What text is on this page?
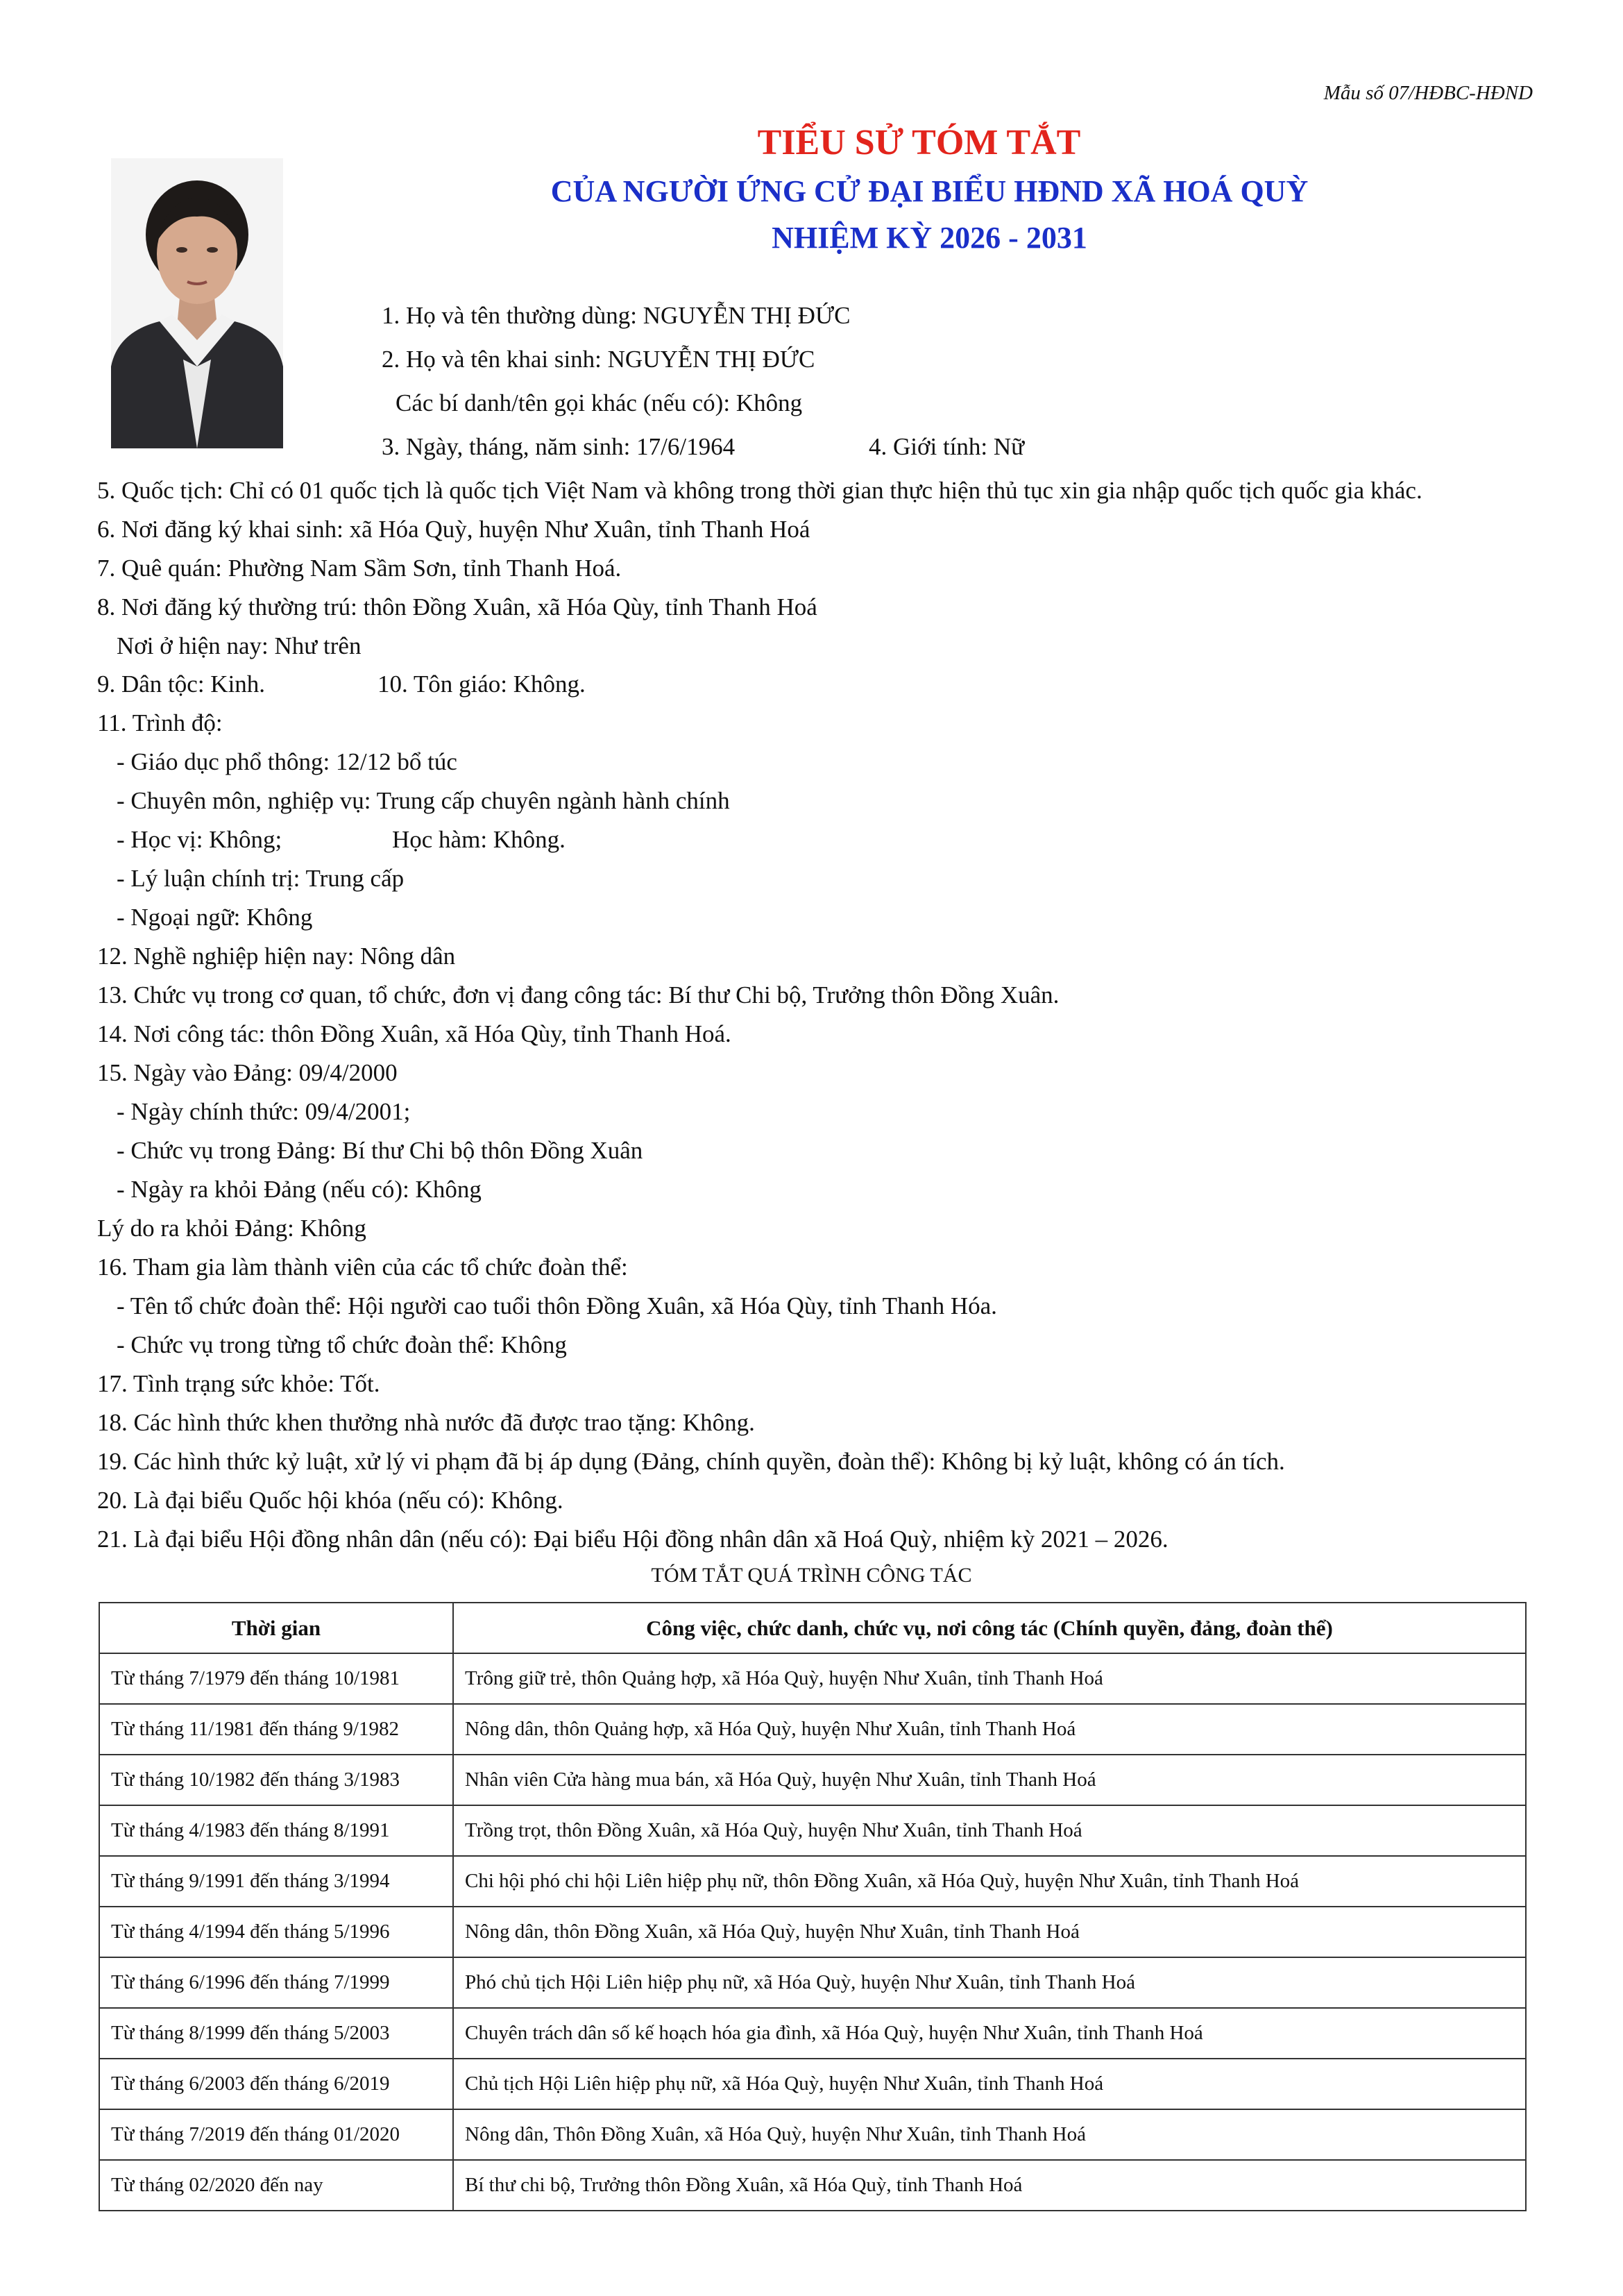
Mẫu số 07/HĐBC-HĐND
TIỂU SỬ TÓM TẮT
CỦA NGƯỜI ỨNG CỬ ĐẠI BIỂU HĐND XÃ HOÁ QUỲ
NHIỆM KỲ 2026 - 2031
1. Họ và tên thường dùng: NGUYỄN THỊ ĐỨC
2. Họ và tên khai sinh: NGUYỄN THỊ ĐỨC
Các bí danh/tên gọi khác (nếu có): Không
3. Ngày, tháng, năm sinh: 17/6/1964	4. Giới tính: Nữ
5. Quốc tịch: Chỉ có 01 quốc tịch là quốc tịch Việt Nam và không trong thời gian thực hiện thủ tục xin gia nhập quốc tịch quốc gia khác.
6. Nơi đăng ký khai sinh: xã Hóa Quỳ, huyện Như Xuân, tỉnh Thanh Hoá
7. Quê quán: Phường Nam Sầm Sơn, tỉnh Thanh Hoá.
8. Nơi đăng ký thường trú: thôn Đồng Xuân, xã Hóa Qùy, tỉnh Thanh Hoá
Nơi ở hiện nay: Như trên
9. Dân tộc: Kinh.	10. Tôn giáo: Không.
11. Trình độ:
- Giáo dục phổ thông: 12/12 bổ túc
- Chuyên môn, nghiệp vụ: Trung cấp chuyên ngành hành chính
- Học vị: Không;	Học hàm: Không.
- Lý luận chính trị: Trung cấp
- Ngoại ngữ: Không
12. Nghề nghiệp hiện nay: Nông dân
13. Chức vụ trong cơ quan, tổ chức, đơn vị đang công tác: Bí thư Chi bộ, Trưởng thôn Đồng Xuân.
14. Nơi công tác: thôn Đồng Xuân, xã Hóa Qùy, tỉnh Thanh Hoá.
15. Ngày vào Đảng: 09/4/2000
- Ngày chính thức: 09/4/2001;
- Chức vụ trong Đảng: Bí thư Chi bộ thôn Đồng Xuân
- Ngày ra khỏi Đảng (nếu có): Không
Lý do ra khỏi Đảng: Không
16. Tham gia làm thành viên của các tổ chức đoàn thể:
- Tên tổ chức đoàn thể: Hội người cao tuổi thôn Đồng Xuân, xã Hóa Qùy, tỉnh Thanh Hóa.
- Chức vụ trong từng tổ chức đoàn thể: Không
17. Tình trạng sức khỏe: Tốt.
18. Các hình thức khen thưởng nhà nước đã được trao tặng: Không.
19. Các hình thức kỷ luật, xử lý vi phạm đã bị áp dụng (Đảng, chính quyền, đoàn thể): Không bị kỷ luật, không có án tích.
20. Là đại biểu Quốc hội khóa (nếu có): Không.
21. Là đại biểu Hội đồng nhân dân (nếu có): Đại biểu Hội đồng nhân dân xã Hoá Quỳ, nhiệm kỳ 2021 – 2026.
TÓM TẮT QUÁ TRÌNH CÔNG TÁC
Thời gian	Công việc, chức danh, chức vụ, nơi công tác (Chính quyền, đảng, đoàn thể)
Từ tháng 7/1979 đến tháng 10/1981	Trông giữ trẻ, thôn Quảng hợp, xã Hóa Quỳ, huyện Như Xuân, tỉnh Thanh Hoá
Từ tháng 11/1981 đến tháng 9/1982	Nông dân, thôn Quảng hợp, xã Hóa Quỳ, huyện Như Xuân, tỉnh Thanh Hoá
Từ tháng 10/1982 đến tháng 3/1983	Nhân viên Cửa hàng mua bán, xã Hóa Quỳ, huyện Như Xuân, tỉnh Thanh Hoá
Từ tháng 4/1983 đến tháng 8/1991	Trồng trọt, thôn Đồng Xuân, xã Hóa Quỳ, huyện Như Xuân, tỉnh Thanh Hoá
Từ tháng 9/1991 đến tháng 3/1994	Chi hội phó chi hội Liên hiệp phụ nữ, thôn Đồng Xuân, xã Hóa Quỳ, huyện Như Xuân, tỉnh Thanh Hoá
Từ tháng 4/1994 đến tháng 5/1996	Nông dân, thôn Đồng Xuân, xã Hóa Quỳ, huyện Như Xuân, tỉnh Thanh Hoá
Từ tháng 6/1996 đến tháng 7/1999	Phó chủ tịch Hội Liên hiệp phụ nữ, xã Hóa Quỳ, huyện Như Xuân, tỉnh Thanh Hoá
Từ tháng 8/1999 đến tháng 5/2003	Chuyên trách dân số kế hoạch hóa gia đình, xã Hóa Quỳ, huyện Như Xuân, tỉnh Thanh Hoá
Từ tháng 6/2003 đến tháng 6/2019	Chủ tịch Hội Liên hiệp phụ nữ, xã Hóa Quỳ, huyện Như Xuân, tỉnh Thanh Hoá
Từ tháng 7/2019 đến tháng 01/2020	Nông dân, Thôn Đồng Xuân, xã Hóa Quỳ, huyện Như Xuân, tỉnh Thanh Hoá
Từ tháng 02/2020 đến nay	Bí thư chi bộ, Trưởng thôn Đồng Xuân, xã Hóa Quỳ, tỉnh Thanh Hoá
